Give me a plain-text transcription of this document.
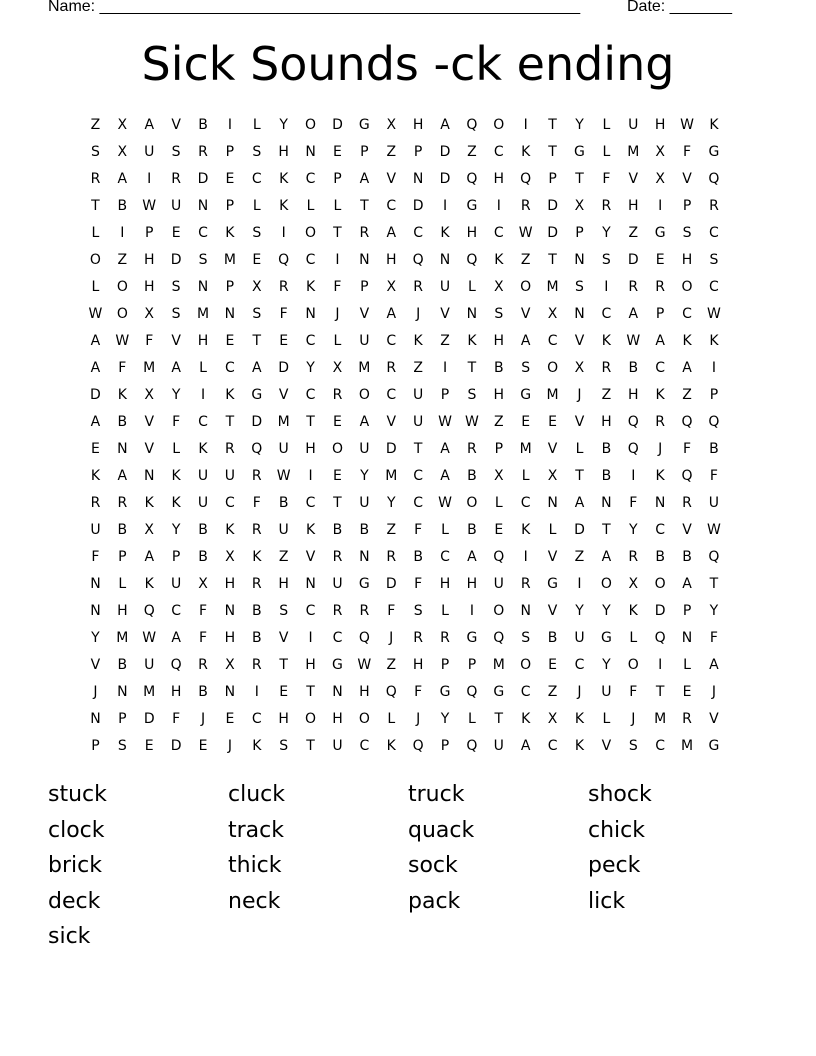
Name: ______________________________________________________	Date: _______
Sick Sounds -ck ending
Z	X	A	V	B	I	L	Y	O	D	G	X	H	A	Q	O	I	T	Y	L	U	H	W	K
S	X	U	S	R	P	S	H	N	E	P	Z	P	D	Z	C	K	T	G	L	M	X	F	G
R	A	I	R	D	E	C	K	C	P	A	V	N	D	Q	H	Q	P	T	F	V	X	V	Q
T	B	W	U	N	P	L	K	L	L	T	C	D	I	G	I	R	D	X	R	H	I	P	R
L	I	P	E	C	K	S	I	O	T	R	A	C	K	H	C	W	D	P	Y	Z	G	S	C
O	Z	H	D	S	M	E	Q	C	I	N	H	Q	N	Q	K	Z	T	N	S	D	E	H	S
L	O	H	S	N	P	X	R	K	F	P	X	R	U	L	X	O	M	S	I	R	R	O	C
W	O	X	S	M	N	S	F	N	J	V	A	J	V	N	S	V	X	N	C	A	P	C	W
A	W	F	V	H	E	T	E	C	L	U	C	K	Z	K	H	A	C	V	K	W	A	K	K
A	F	M	A	L	C	A	D	Y	X	M	R	Z	I	T	B	S	O	X	R	B	C	A	I
D	K	X	Y	I	K	G	V	C	R	O	C	U	P	S	H	G	M	J	Z	H	K	Z	P
A	B	V	F	C	T	D	M	T	E	A	V	U	W W	Z	E	E	V	H	Q	R	Q	Q
E	N	V	L	K	R	Q	U	H	O	U	D	T	A	R	P	M	V	L	B	Q	J	F	B
K	A	N	K	U	U	R	W	I	E	Y	M	C	A	B	X	L	X	T	B	I	K	Q	F
R	R	K	K	U	C	F	B	C	T	U	Y	C	W	O	L	C	N	A	N	F	N	R	U
U	B	X	Y	B	K	R	U	K	B	B	Z	F	L	B	E	K	L	D	T	Y	C	V	W
F	P	A	P	B	X	K	Z	V	R	N	R	B	C	A	Q	I	V	Z	A	R	B	B	Q
N	L	K	U	X	H	R	H	N	U	G	D	F	H	H	U	R	G	I	O	X	O	A	T
N	H	Q	C	F	N	B	S	C	R	R	F	S	L	I	O	N	V	Y	Y	K	D	P	Y
Y	M W	A	F	H	B	V	I	C	Q	J	R	R	G	Q	S	B	U	G	L	Q	N	F
V	B	U	Q	R	X	R	T	H	G	W	Z	H	P	P	M	O	E	C	Y	O	I	L	A
J	N	M	H	B	N	I	E	T	N	H	Q	F	G	Q	G	C	Z	J	U	F	T	E	J
N	P	D	F	J	E	C	H	O	H	O	L	J	Y	L	T	K	X	K	L	J	M	R	V
P	S	E	D	E	J	K	S	T	U	C	K	Q	P	Q	U	A	C	K	V	S	C	M	G
stuck	cluck	truck	shock
clock	track	quack	chick
brick	thick	sock	peck
deck	neck	pack	lick
sick
